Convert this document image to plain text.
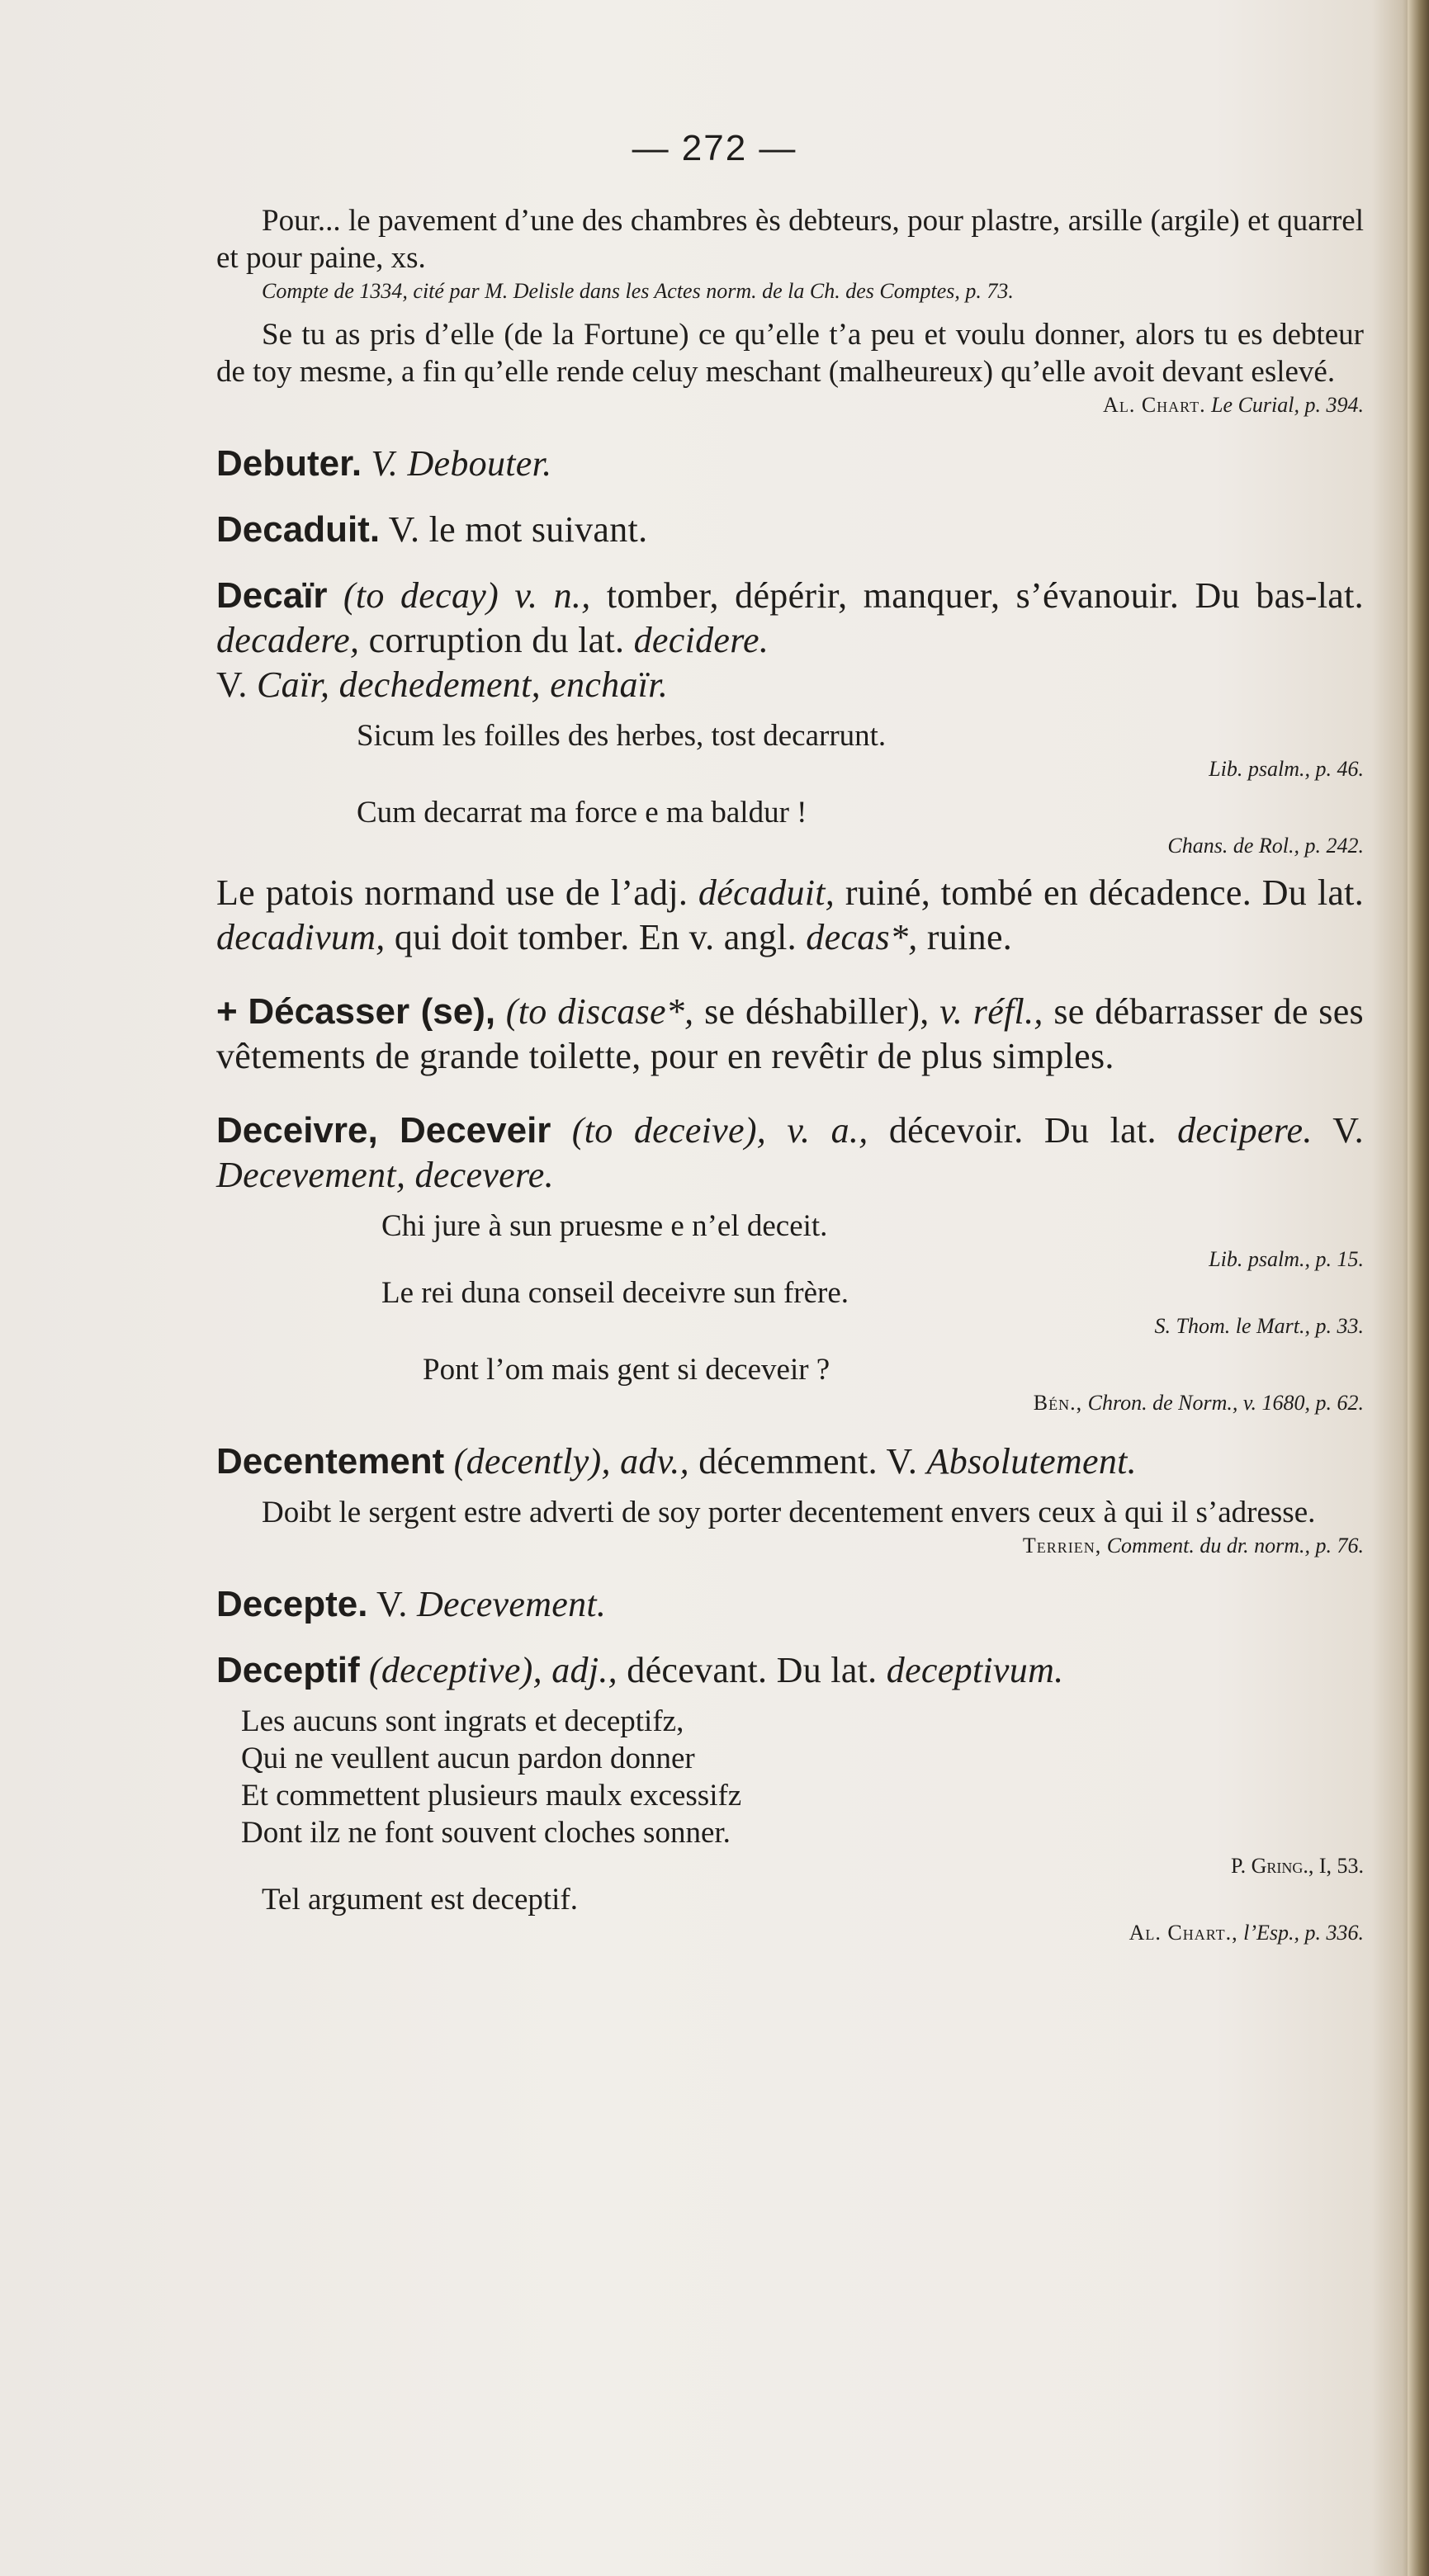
— 272 —

Pour... le pavement d’une des chambres ès debteurs, pour plastre, arsille (argile) et quarrel et pour paine, xs.

Compte de 1334, cité par M. Delisle dans les Actes norm. de la Ch. des Comptes, p. 73.

Se tu as pris d’elle (de la Fortune) ce qu’elle t’a peu et voulu donner, alors tu es debteur de toy mesme, a fin qu’elle rende celuy meschant (malheureux) qu’elle avoit devant eslevé.

Al. Chart. Le Curial, p. 394.

Debuter. V. Debouter.

Decaduit. V. le mot suivant.

Decaïr (to decay) v. n., tomber, dépérir, manquer, s’évanouir. Du bas-lat. decadere, corruption du lat. decidere.
V. Caïr, dechedement, enchaïr.

Sicum les foilles des herbes, tost decarrunt.

Lib. psalm., p. 46.

Cum decarrat ma force e ma baldur !

Chans. de Rol., p. 242.

Le patois normand use de l’adj. décaduit, ruiné, tombé en décadence. Du lat. decadivum, qui doit tomber. En v. angl. decas*, ruine.

+ Décasser (se), (to discase*, se déshabiller), v. réfl., se débarrasser de ses vêtements de grande toilette, pour en revêtir de plus simples.

Deceivre, Deceveir (to deceive), v. a., décevoir. Du lat. decipere. V. Decevement, decevere.

Chi jure à sun pruesme e n’el deceit.

Lib. psalm., p. 15.

Le rei duna conseil deceivre sun frère.

S. Thom. le Mart., p. 33.

Pont l’om mais gent si deceveir ?

Bén., Chron. de Norm., v. 1680, p. 62.

Decentement (decently), adv., décemment. V. Absolutement.

Doibt le sergent estre adverti de soy porter decentement envers ceux à qui il s’adresse.

Terrien, Comment. du dr. norm., p. 76.

Decepte. V. Decevement.

Deceptif (deceptive), adj., décevant. Du lat. deceptivum.

Les aucuns sont ingrats et deceptifz,
Qui ne veullent aucun pardon donner
Et commettent plusieurs maulx excessifz
Dont ilz ne font souvent cloches sonner.

P. Gring., I, 53.

Tel argument est deceptif.

Al. Chart., l’Esp., p. 336.
